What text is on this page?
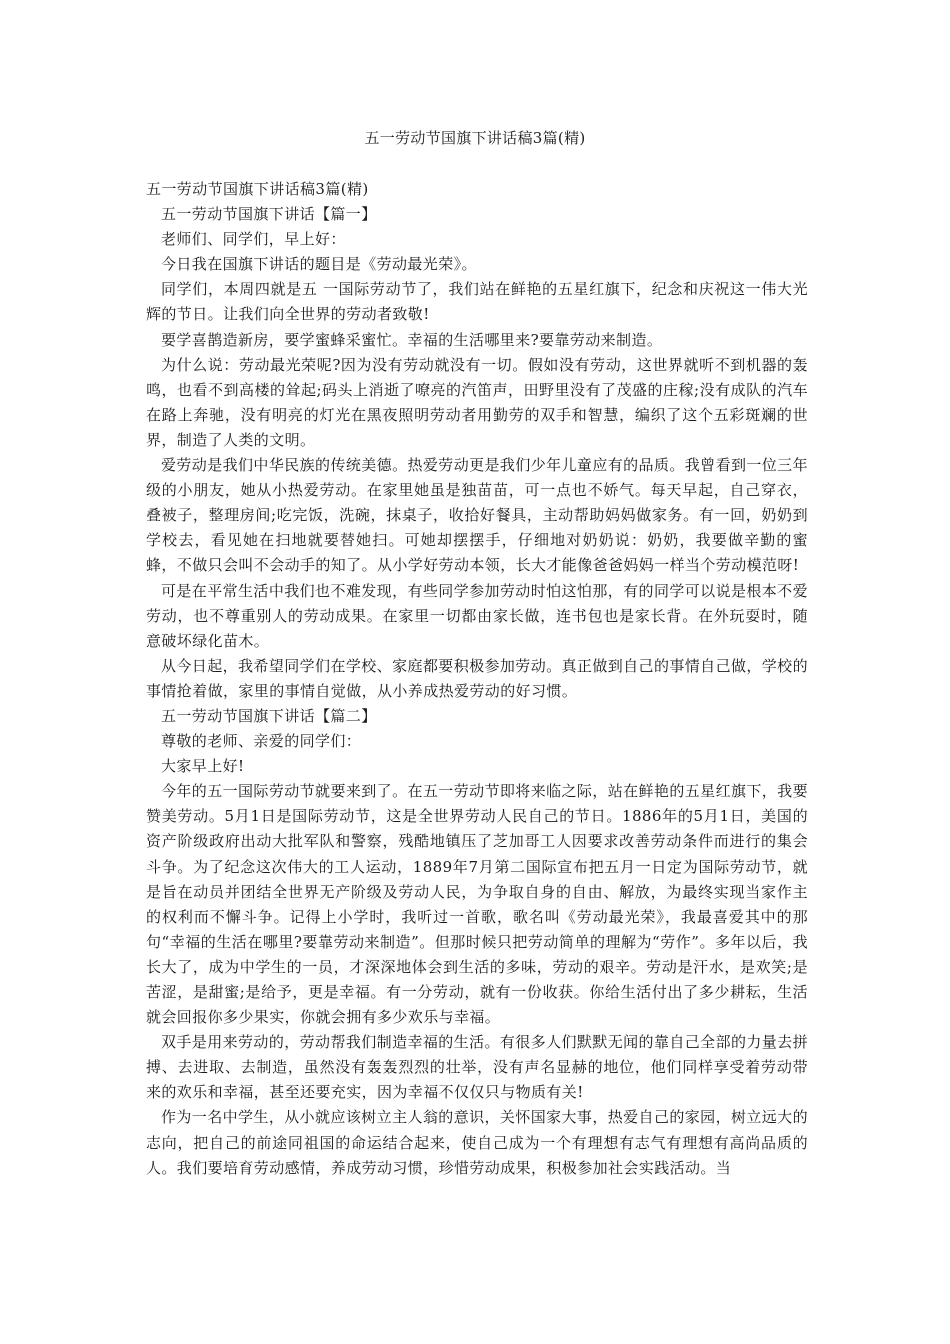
五一劳动节国旗下讲话稿3篇(精)

五一劳动节国旗下讲话稿3篇(精)

五一劳动节国旗下讲话【篇一】

老师们、同学们，早上好：

今日我在国旗下讲话的题目是《劳动最光荣》。

同学们，本周四就是五 一国际劳动节了，我们站在鲜艳的五星红旗下，纪念和庆祝这一伟大光辉的节日。让我们向全世界的劳动者致敬!

要学喜鹊造新房，要学蜜蜂采蜜忙。幸福的生活哪里来?要靠劳动来制造。

为什么说：劳动最光荣呢?因为没有劳动就没有一切。假如没有劳动，这世界就听不到机器的轰鸣，也看不到高楼的耸起;码头上消逝了嘹亮的汽笛声，田野里没有了茂盛的庄稼;没有成队的汽车在路上奔驰，没有明亮的灯光在黑夜照明劳动者用勤劳的双手和智慧，编织了这个五彩斑斓的世界，制造了人类的文明。

爱劳动是我们中华民族的传统美德。热爱劳动更是我们少年儿童应有的品质。我曾看到一位三年级的小朋友，她从小热爱劳动。在家里她虽是独苗苗，可一点也不娇气。每天早起，自己穿衣，叠被子，整理房间;吃完饭，洗碗，抹桌子，收拾好餐具，主动帮助妈妈做家务。有一回，奶奶到学校去，看见她在扫地就要替她扫。可她却摆摆手，仔细地对奶奶说：奶奶，我要做辛勤的蜜蜂，不做只会叫不会动手的知了。从小学好劳动本领，长大才能像爸爸妈妈一样当个劳动模范呀!

可是在平常生活中我们也不难发现，有些同学参加劳动时怕这怕那，有的同学可以说是根本不爱劳动，也不尊重别人的劳动成果。在家里一切都由家长做，连书包也是家长背。在外玩耍时，随意破坏绿化苗木。

从今日起，我希望同学们在学校、家庭都要积极参加劳动。真正做到自己的事情自己做，学校的事情抢着做，家里的事情自觉做，从小养成热爱劳动的好习惯。

五一劳动节国旗下讲话【篇二】

尊敬的老师、亲爱的同学们：

大家早上好!

今年的五一国际劳动节就要来到了。在五一劳动节即将来临之际，站在鲜艳的五星红旗下，我要赞美劳动。5月1日是国际劳动节，这是全世界劳动人民自己的节日。1886年的5月1日，美国的资产阶级政府出动大批军队和警察，残酷地镇压了芝加哥工人因要求改善劳动条件而进行的集会斗争。为了纪念这次伟大的工人运动，1889年7月第二国际宣布把五月一日定为国际劳动节，就是旨在动员并团结全世界无产阶级及劳动人民，为争取自身的自由、解放，为最终实现当家作主的权利而不懈斗争。记得上小学时，我听过一首歌，歌名叫《劳动最光荣》，我最喜爱其中的那句“幸福的生活在哪里?要靠劳动来制造”。但那时候只把劳动简单的理解为“劳作”。多年以后，我长大了，成为中学生的一员，才深深地体会到生活的多味，劳动的艰辛。劳动是汗水，是欢笑;是苦涩，是甜蜜;是给予，更是幸福。有一分劳动，就有一份收获。你给生活付出了多少耕耘，生活就会回报你多少果实，你就会拥有多少欢乐与幸福。

双手是用来劳动的，劳动帮我们制造幸福的生活。有很多人们默默无闻的靠自己全部的力量去拼搏、去进取、去制造，虽然没有轰轰烈烈的壮举，没有声名显赫的地位，他们同样享受着劳动带来的欢乐和幸福，甚至还要充实，因为幸福不仅仅只与物质有关!

作为一名中学生，从小就应该树立主人翁的意识，关怀国家大事，热爱自己的家园，树立远大的志向，把自己的前途同祖国的命运结合起来，使自己成为一个有理想有志气有理想有高尚品质的人。我们要培育劳动感情，养成劳动习惯，珍惜劳动成果，积极参加社会实践活动。当
